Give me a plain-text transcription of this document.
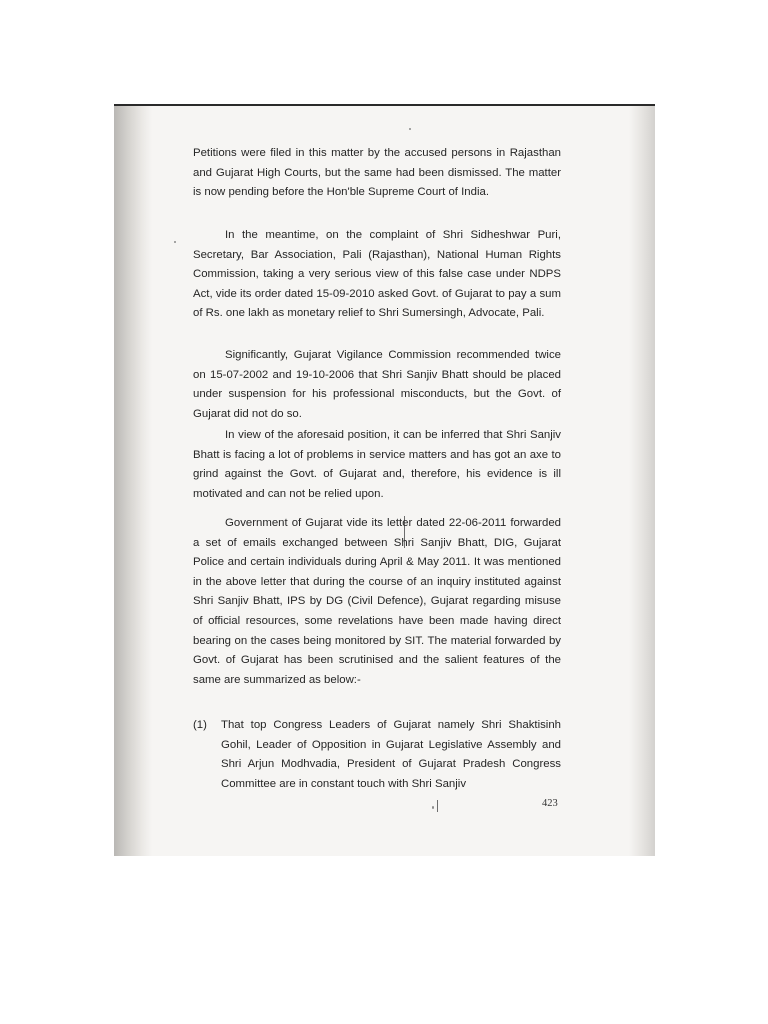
Petitions were filed in this matter by the accused persons in Rajasthan and Gujarat High Courts, but the same had been dismissed. The matter is now pending before the Hon'ble Supreme Court of India.

In the meantime, on the complaint of Shri Sidheshwar Puri, Secretary, Bar Association, Pali (Rajasthan), National Human Rights Commission, taking a very serious view of this false case under NDPS Act, vide its order dated 15-09-2010 asked Govt. of Gujarat to pay a sum of Rs. one lakh as monetary relief to Shri Sumersingh, Advocate, Pali.

Significantly, Gujarat Vigilance Commission recommended twice on 15-07-2002 and 19-10-2006 that Shri Sanjiv Bhatt should be placed under suspension for his professional misconducts, but the Govt. of Gujarat did not do so.

In view of the aforesaid position, it can be inferred that Shri Sanjiv Bhatt is facing a lot of problems in service matters and has got an axe to grind against the Govt. of Gujarat and, therefore, his evidence is ill motivated and can not be relied upon.

Government of Gujarat vide its letter dated 22-06-2011 forwarded a set of emails exchanged between Shri Sanjiv Bhatt, DIG, Gujarat Police and certain individuals during April & May 2011. It was mentioned in the above letter that during the course of an inquiry instituted against Shri Sanjiv Bhatt, IPS by DG (Civil Defence), Gujarat regarding misuse of official resources, some revelations have been made having direct bearing on the cases being monitored by SIT. The material forwarded by Govt. of Gujarat has been scrutinised and the salient features of the same are summarized as below:-

(1) That top Congress Leaders of Gujarat namely Shri Shaktisinh Gohil, Leader of Opposition in Gujarat Legislative Assembly and Shri Arjun Modhvadia, President of Gujarat Pradesh Congress Committee are in constant touch with Shri Sanjiv

423
